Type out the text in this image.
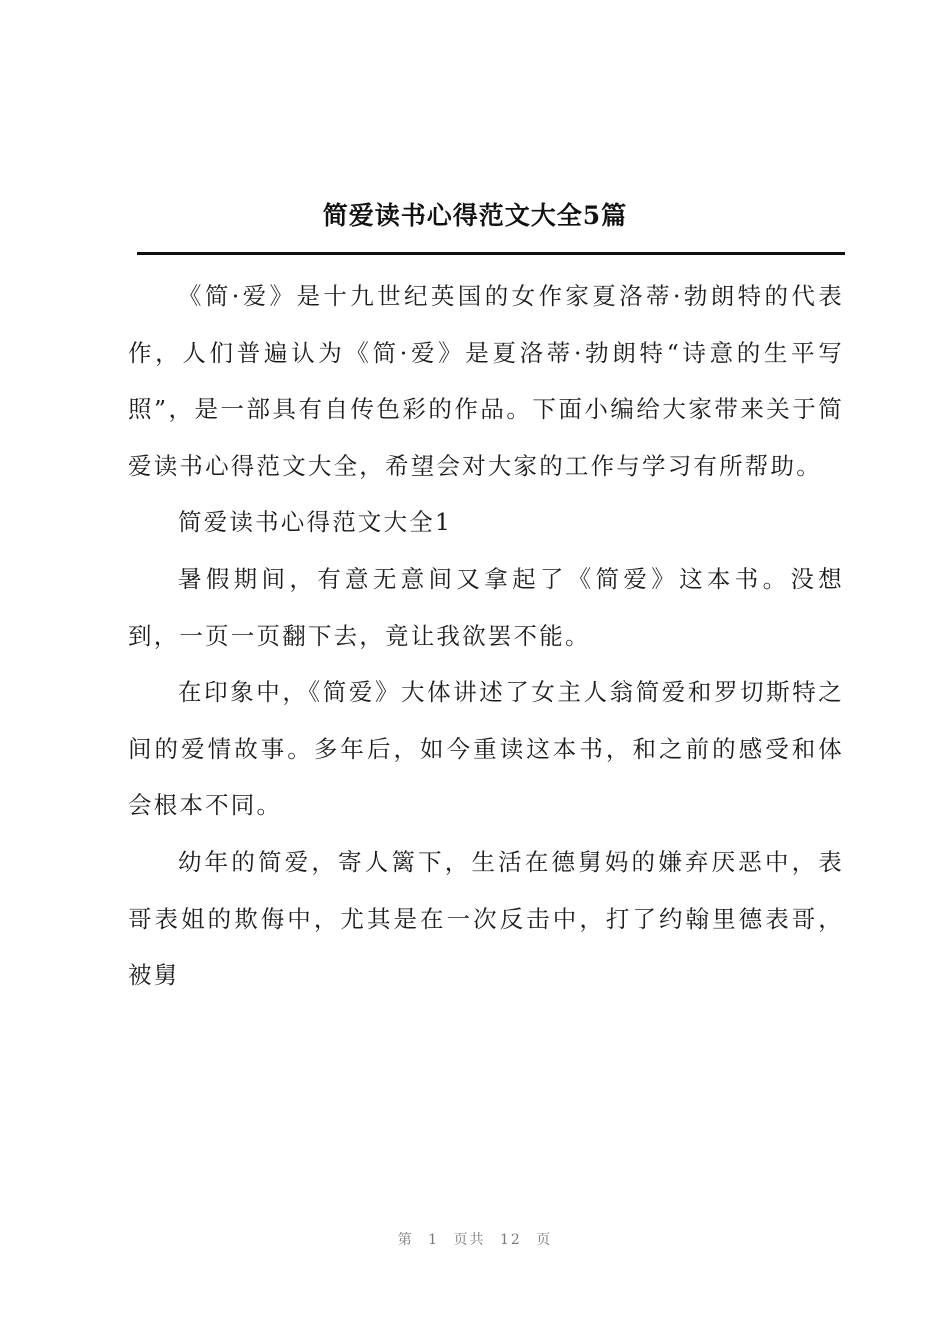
简爱读书心得范文大全5篇

《简·爱》是十九世纪英国的女作家夏洛蒂·勃朗特的代表作，人们普遍认为《简·爱》是夏洛蒂·勃朗特“诗意的生平写照”，是一部具有自传色彩的作品。下面小编给大家带来关于简爱读书心得范文大全，希望会对大家的工作与学习有所帮助。

简爱读书心得范文大全1

暑假期间，有意无意间又拿起了《简爱》这本书。没想到，一页一页翻下去，竟让我欲罢不能。

在印象中，《简爱》大体讲述了女主人翁简爱和罗切斯特之间的爱情故事。多年后，如今重读这本书，和之前的感受和体会根本不同。

幼年的简爱，寄人篱下，生活在德舅妈的嫌弃厌恶中，表哥表姐的欺侮中，尤其是在一次反击中，打了约翰里德表哥，被舅

第 1 页共 12 页
